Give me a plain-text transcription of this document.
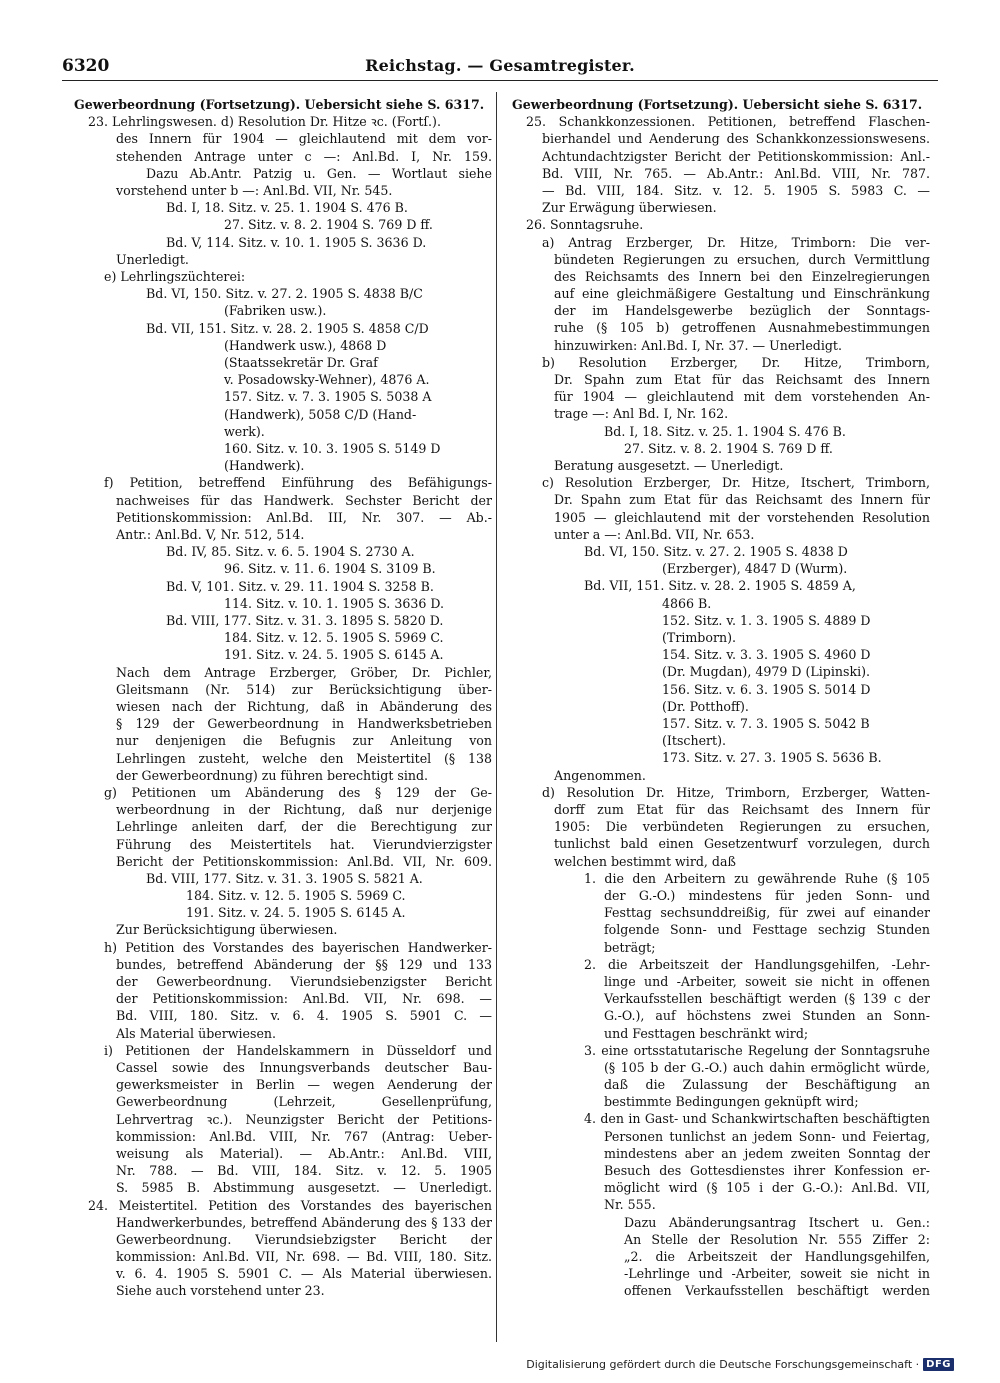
6320	Reichstag. — Gesamtregister.
Gewerbeordnung (Fortsetzung). Uebersicht siehe S. 6317.
23. Lehrlingswesen. d) Resolution Dr. Hitze ꝛc. (Fortſ.).
des Innern für 1904 — gleichlautend mit dem vor-
stehenden Antrage unter c —: Anl.Bd. I, Nr. 159.
Dazu Ab.Antr. Patzig u. Gen. — Wortlaut siehe
vorstehend unter b —: Anl.Bd. VII, Nr. 545.
Bd. I, 18. Sitz. v. 25. 1. 1904 S. 476 B.
27. Sitz. v. 8. 2. 1904 S. 769 D ff.
Bd. V, 114. Sitz. v. 10. 1. 1905 S. 3636 D.
Unerledigt.
e) Lehrlingszüchterei:
Bd. VI, 150. Sitz. v. 27. 2. 1905 S. 4838 B/C
(Fabriken usw.).
Bd. VII, 151. Sitz. v. 28. 2. 1905 S. 4858 C/D
(Handwerk usw.), 4868 D
(Staatssekretär Dr. Graf
v. Posadowsky-Wehner), 4876 A.
157. Sitz. v. 7. 3. 1905 S. 5038 A
(Handwerk), 5058 C/D (Hand-
werk).
160. Sitz. v. 10. 3. 1905 S. 5149 D
(Handwerk).
f) Petition, betreffend Einführung des Befähigungs-
nachweises für das Handwerk. Sechster Bericht der
Petitionskommission: Anl.Bd. III, Nr. 307. — Ab.-
Antr.: Anl.Bd. V, Nr. 512, 514.
Bd. IV, 85. Sitz. v. 6. 5. 1904 S. 2730 A.
96. Sitz. v. 11. 6. 1904 S. 3109 B.
Bd. V, 101. Sitz. v. 29. 11. 1904 S. 3258 B.
114. Sitz. v. 10. 1. 1905 S. 3636 D.
Bd. VIII, 177. Sitz. v. 31. 3. 1895 S. 5820 D.
184. Sitz. v. 12. 5. 1905 S. 5969 C.
191. Sitz. v. 24. 5. 1905 S. 6145 A.
Nach dem Antrage Erzberger, Gröber, Dr. Pichler,
Gleitsmann (Nr. 514) zur Berücksichtigung über-
wiesen nach der Richtung, daß in Abänderung des
§ 129 der Gewerbeordnung in Handwerksbetrieben
nur denjenigen die Befugnis zur Anleitung von
Lehrlingen zusteht, welche den Meistertitel (§ 138
der Gewerbeordnung) zu führen berechtigt sind.
g) Petitionen um Abänderung des § 129 der Ge-
werbeordnung in der Richtung, daß nur derjenige
Lehrlinge anleiten darf, der die Berechtigung zur
Führung des Meistertitels hat. Vierundvierzigster
Bericht der Petitionskommission: Anl.Bd. VII, Nr. 609.
Bd. VIII, 177. Sitz. v. 31. 3. 1905 S. 5821 A.
184. Sitz. v. 12. 5. 1905 S. 5969 C.
191. Sitz. v. 24. 5. 1905 S. 6145 A.
Zur Berücksichtigung überwiesen.
h) Petition des Vorstandes des bayerischen Handwerker-
bundes, betreffend Abänderung der §§ 129 und 133
der Gewerbeordnung. Vierundsiebenzigster Bericht
der Petitionskommission: Anl.Bd. VII, Nr. 698. —
Bd. VIII, 180. Sitz. v. 6. 4. 1905 S. 5901 C. —
Als Material überwiesen.
i) Petitionen der Handelskammern in Düsseldorf und
Cassel sowie des Innungsverbands deutscher Bau-
gewerksmeister in Berlin — wegen Aenderung der
Gewerbeordnung (Lehrzeit, Gesellenprüfung,
Lehrvertrag ꝛc.). Neunzigster Bericht der Petitions-
kommission: Anl.Bd. VIII, Nr. 767 (Antrag: Ueber-
weisung als Material). — Ab.Antr.: Anl.Bd. VIII,
Nr. 788. — Bd. VIII, 184. Sitz. v. 12. 5. 1905
S. 5985 B. Abstimmung ausgesetzt. — Unerledigt.
24. Meistertitel. Petition des Vorstandes des bayerischen
Handwerkerbundes, betreffend Abänderung des § 133 der
Gewerbeordnung. Vierundsiebzigster Bericht der
kommission: Anl.Bd. VII, Nr. 698. — Bd. VIII, 180. Sitz.
v. 6. 4. 1905 S. 5901 C. — Als Material überwiesen.
Siehe auch vorstehend unter 23.
Gewerbeordnung (Fortsetzung). Uebersicht siehe S. 6317.
25. Schankkonzessionen. Petitionen, betreffend Flaschen-
bierhandel und Aenderung des Schankkonzessionswesens.
Achtundachtzigster Bericht der Petitionskommission: Anl.-
Bd. VIII, Nr. 765. — Ab.Antr.: Anl.Bd. VIII, Nr. 787.
— Bd. VIII, 184. Sitz. v. 12. 5. 1905 S. 5983 C. —
Zur Erwägung überwiesen.
26. Sonntagsruhe.
a) Antrag Erzberger, Dr. Hitze, Trimborn: Die ver-
bündeten Regierungen zu ersuchen, durch Vermittlung
des Reichsamts des Innern bei den Einzelregierungen
auf eine gleichmäßigere Gestaltung und Einschränkung
der im Handelsgewerbe bezüglich der Sonntags-
ruhe (§ 105 b) getroffenen Ausnahmebestimmungen
hinzuwirken: Anl.Bd. I, Nr. 37. — Unerledigt.
b) Resolution Erzberger, Dr. Hitze, Trimborn,
Dr. Spahn zum Etat für das Reichsamt des Innern
für 1904 — gleichlautend mit dem vorstehenden An-
trage —: Anl Bd. I, Nr. 162.
Bd. I, 18. Sitz. v. 25. 1. 1904 S. 476 B.
27. Sitz. v. 8. 2. 1904 S. 769 D ff.
Beratung ausgesetzt. — Unerledigt.
c) Resolution Erzberger, Dr. Hitze, Itschert, Trimborn,
Dr. Spahn zum Etat für das Reichsamt des Innern für
1905 — gleichlautend mit der vorstehenden Resolution
unter a —: Anl.Bd. VII, Nr. 653.
Bd. VI, 150. Sitz. v. 27. 2. 1905 S. 4838 D
(Erzberger), 4847 D (Wurm).
Bd. VII, 151. Sitz. v. 28. 2. 1905 S. 4859 A,
4866 B.
152. Sitz. v. 1. 3. 1905 S. 4889 D
(Trimborn).
154. Sitz. v. 3. 3. 1905 S. 4960 D
(Dr. Mugdan), 4979 D (Lipinski).
156. Sitz. v. 6. 3. 1905 S. 5014 D
(Dr. Potthoff).
157. Sitz. v. 7. 3. 1905 S. 5042 B
(Itschert).
173. Sitz. v. 27. 3. 1905 S. 5636 B.
Angenommen.
d) Resolution Dr. Hitze, Trimborn, Erzberger, Watten-
dorff zum Etat für das Reichsamt des Innern für
1905: Die verbündeten Regierungen zu ersuchen,
tunlichst bald einen Gesetzentwurf vorzulegen, durch
welchen bestimmt wird, daß
1. die den Arbeitern zu gewährende Ruhe (§ 105
der G.-O.) mindestens für jeden Sonn- und
Festtag sechsunddreißig, für zwei auf einander
folgende Sonn- und Festtage sechzig Stunden
beträgt;
2. die Arbeitszeit der Handlungsgehilfen, -Lehr-
linge und -Arbeiter, soweit sie nicht in offenen
Verkaufsstellen beschäftigt werden (§ 139 c der
G.-O.), auf höchstens zwei Stunden an Sonn-
und Festtagen beschränkt wird;
3. eine ortsstatutarische Regelung der Sonntagsruhe
(§ 105 b der G.-O.) auch dahin ermöglicht würde,
daß die Zulassung der Beschäftigung an
bestimmte Bedingungen geknüpft wird;
4. den in Gast- und Schankwirtschaften beschäftigten
Personen tunlichst an jedem Sonn- und Feiertag,
mindestens aber an jedem zweiten Sonntag der
Besuch des Gottesdienstes ihrer Konfession er-
möglicht wird (§ 105 i der G.-O.): Anl.Bd. VII,
Nr. 555.
Dazu Abänderungsantrag Itschert u. Gen.:
An Stelle der Resolution Nr. 555 Ziffer 2:
„2. die Arbeitszeit der Handlungsgehilfen,
-Lehrlinge und -Arbeiter, soweit sie nicht in
offenen Verkaufsstellen beschäftigt werden
Digitalisierung gefördert durch die Deutsche Forschungsgemeinschaft · DFG
